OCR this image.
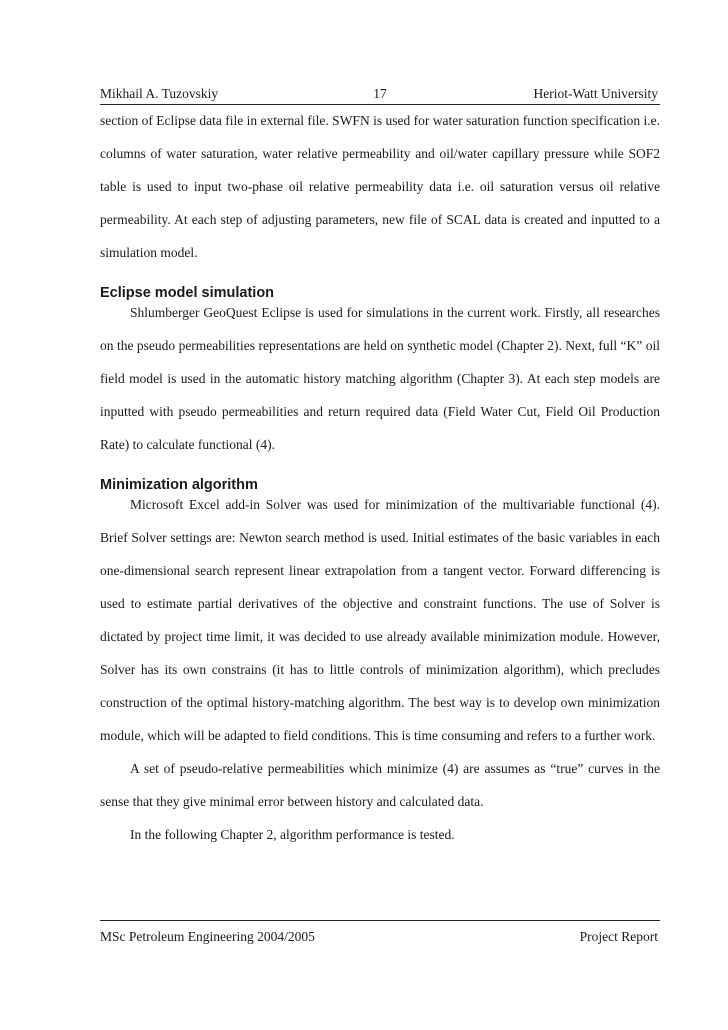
Mikhail A. Tuzovskiy	17	Heriot-Watt University

section of Eclipse data file in external file. SWFN is used for water saturation function specification i.e. columns of water saturation, water relative permeability and oil/water capillary pressure while SOF2 table is used to input two-phase oil relative permeability data i.e. oil saturation versus oil relative permeability. At each step of adjusting parameters, new file of SCAL data is created and inputted to a simulation model.

Eclipse model simulation

Shlumberger GeoQuest Eclipse is used for simulations in the current work. Firstly, all researches on the pseudo permeabilities representations are held on synthetic model (Chapter 2). Next, full “K” oil field model is used in the automatic history matching algorithm (Chapter 3). At each step models are inputted with pseudo permeabilities and return required data (Field Water Cut, Field Oil Production Rate) to calculate functional (4).

Minimization algorithm

Microsoft Excel add-in Solver was used for minimization of the multivariable functional (4). Brief Solver settings are: Newton search method is used. Initial estimates of the basic variables in each one-dimensional search represent linear extrapolation from a tangent vector. Forward differencing is used to estimate partial derivatives of the objective and constraint functions. The use of Solver is dictated by project time limit, it was decided to use already available minimization module. However, Solver has its own constrains (it has to little controls of minimization algorithm), which precludes construction of the optimal history-matching algorithm. The best way is to develop own minimization module, which will be adapted to field conditions. This is time consuming and refers to a further work.

A set of pseudo-relative permeabilities which minimize (4) are assumes as “true” curves in the sense that they give minimal error between history and calculated data.

In the following Chapter 2, algorithm performance is tested.

MSc Petroleum Engineering 2004/2005	Project Report
